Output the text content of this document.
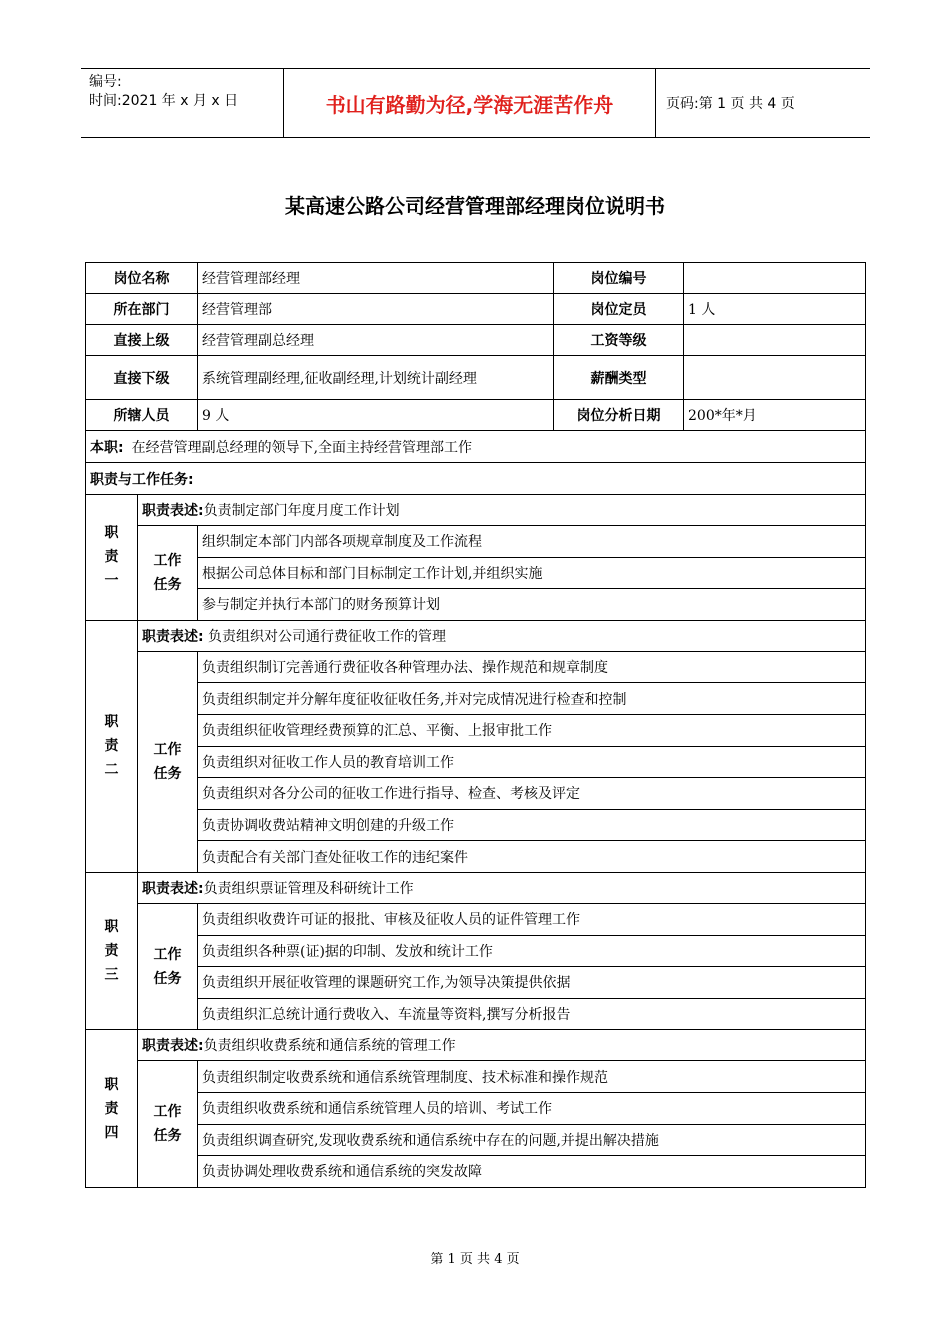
编号:
时间:2021 年 x 月 x 日	书山有路勤为径,学海无涯苦作舟	页码:第 1 页 共 4 页
某高速公路公司经营管理部经理岗位说明书
岗位名称		经营管理部经理	岗位编号	
所在部门		经营管理部	岗位定员	1 人
直接上级		经营管理副总经理	工资等级	
直接下级		系统管理副经理,征收副经理,计划统计副经理	薪酬类型	
所辖人员		9 人	岗位分析日期	200*年*月
本职: 在经营管理副总经理的领导下,全面主持经营管理部工作				
职责与工作任务:				
职
责
一	职责表述:负责制定部门年度月度工作计划			
	工作
任务	组织制定本部门内部各项规章制度及工作流程		
		根据公司总体目标和部门目标制定工作计划,并组织实施		
		参与制定并执行本部门的财务预算计划		
职
责
二	职责表述: 负责组织对公司通行费征收工作的管理			
	工作
任务	负责组织制订完善通行费征收各种管理办法、操作规范和规章制度		
		负责组织制定并分解年度征收征收任务,并对完成情况进行检查和控制		
		负责组织征收管理经费预算的汇总、平衡、上报审批工作		
		负责组织对征收工作人员的教育培训工作		
		负责组织对各分公司的征收工作进行指导、检查、考核及评定		
		负责协调收费站精神文明创建的升级工作		
		负责配合有关部门查处征收工作的违纪案件		
职
责
三	职责表述:负责组织票证管理及科研统计工作			
	工作
任务	负责组织收费许可证的报批、审核及征收人员的证件管理工作		
		负责组织各种票(证)据的印制、发放和统计工作		
		负责组织开展征收管理的课题研究工作,为领导决策提供依据		
		负责组织汇总统计通行费收入、车流量等资料,撰写分析报告		
职
责
四	职责表述:负责组织收费系统和通信系统的管理工作			
	工作
任务	负责组织制定收费系统和通信系统管理制度、技术标准和操作规范		
		负责组织收费系统和通信系统管理人员的培训、考试工作		
		负责组织调查研究,发现收费系统和通信系统中存在的问题,并提出解决措施		
		负责协调处理收费系统和通信系统的突发故障		
第 1 页 共 4 页
